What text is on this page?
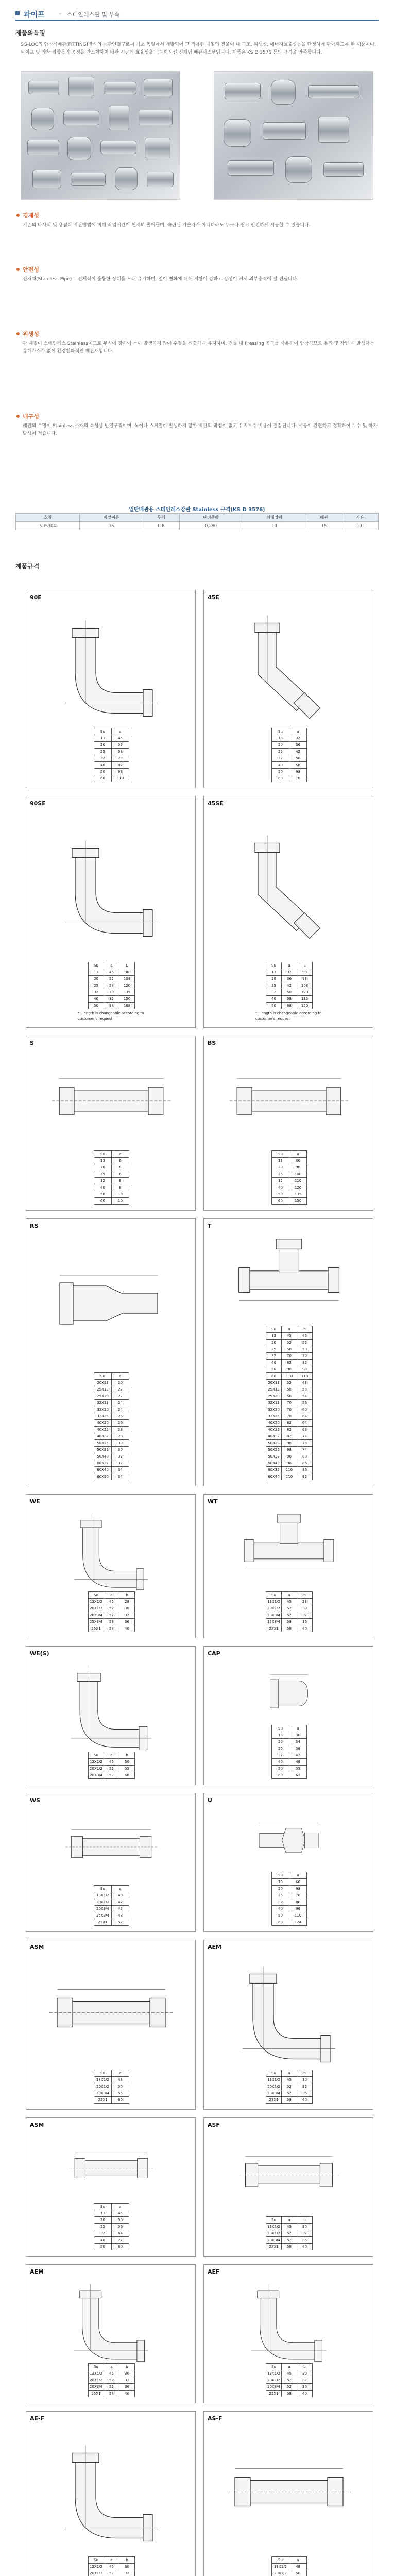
파이프 – 스테인레스관 및 부속
제품의특징
SG-LOC의 압착식배관(FITTING)방식의 배관연결구로써 최초 독일에서 개발되어 그 적용한 내일의 건물이 내 구조, 위생성, 에너지효율성등을 단정하게 판매하도록 한 제품이며, 파이프 및 압착 접합등의 공정을 간소화하여 배관 시공의 효율성을 극대화시킨 신개념 배관시스템입니다. 제품은 KS D 3576 등의 규격을 만족합니다.
경제성
기존의 나사식 및 용접식 배관방법에 비해 작업시간이 현저히 줄어들며, 숙련된 기술자가 아니더라도 누구나 쉽고 안전하게 시공할 수 있습니다.
안전성
전자재(Stainless Pipe)로 전체적이 훌륭한 상태를 오래 유지하며, 열이 변화에 대해 저항이 강하고 강성이 커서 외부충격에 잘 견딥니다.
위생성
관 재질이 스테인레스 Stainless이므로 부식에 강하여 녹이 발생하지 않아 수질을 깨끗하게 유지하며, 건물 내 Pressing 공구를 사용하여 압착하므로 용접 및 작업 시 발생하는 유해가스가 없어 환경친화적인 배관재입니다.
내구성
배관의 수명이 Stainless 소재의 특성상 반영구적이며, 녹이나 스케일이 발생하지 않아 배관의 막힘이 없고 유지보수 비용이 절감됩니다. 시공이 간편하고 정확하여 누수 및 하자 발생이 적습니다.
일반배관용 스테인레스강관 Stainless 규격(KS D 3576)
호칭	바깥지름	두께	단위중량	최대압력	배관	사용
SUS304	15	0.8	0.280	10	15	1.0
제품규격
90E
Su	a
13	45
20	52
25	58
32	70
40	82
50	98
60	110
45E
Su	a
13	32
20	36
25	42
32	50
40	58
50	68
60	78
90SE
Su	a	L
13	45	98
20	52	108
25	58	120
32	70	135
40	82	150
50	98	168
*L length is changeable according to customer's request
45SE
Su	a	L
13	32	90
20	36	98
25	42	108
32	50	120
40	58	135
50	68	150
*L length is changeable according to customer's request
S
Su	a
13	6
20	6
25	6
32	8
40	8
50	10
60	10
BS
Su	a
13	80
20	90
25	100
32	110
40	120
50	135
60	150
RS
Su	a
20X13	20
25X13	22
25X20	22
32X13	24
32X20	24
32X25	26
40X20	26
40X25	28
40X32	28
50X25	30
50X32	30
50X40	32
60X32	32
60X40	34
60X50	34
T
Su	a	b
13	45	45
20	52	52
25	58	58
32	70	70
40	82	82
50	98	98
60	110	110
20X13	52	48
25X13	58	50
25X20	58	54
32X13	70	56
32X20	70	60
32X25	70	64
40X20	82	64
40X25	82	68
40X32	82	74
50X20	98	70
50X25	98	74
50X32	98	80
50X40	98	86
60X32	110	86
60X40	110	92
WE
Su	a	b
13X1/2	45	28
20X1/2	52	30
20X3/4	52	32
25X3/4	58	36
25X1	58	40
WT
Su	a	b
13X1/2	45	28
20X1/2	52	30
20X3/4	52	32
25X3/4	58	36
25X1	58	40
WE(S)
Su	a	b
13X1/2	45	50
20X1/2	52	55
20X3/4	52	60
CAP
Su	a
13	30
20	34
25	38
32	42
40	48
50	55
60	62
WS
Su	a
13X1/2	40
20X1/2	42
20X3/4	45
25X3/4	48
25X1	52
U
Su	a
13	60
20	68
25	76
32	86
40	96
50	110
60	124
ASM
Su	a
13X1/2	48
20X1/2	50
20X3/4	55
25X1	60
AEM
Su	a	b
13X1/2	45	30
20X1/2	52	32
20X3/4	52	36
25X1	58	40
ASM
Su	a
13	45
20	50
25	56
32	64
40	72
50	80
ASF
Su	a	b
13X1/2	45	30
20X1/2	52	32
20X3/4	52	36
25X1	58	40
AEM
Su	a	b
13X1/2	45	30
20X1/2	52	32
20X3/4	52	36
25X1	58	40
AEF
Su	a	b
13X1/2	45	30
20X1/2	52	32
20X3/4	52	36
25X1	58	40
AE-F
Su	a	b
13X1/2	45	30
20X1/2	52	32

AS-F
Su	a
13X1/2	48
20X1/2	50
